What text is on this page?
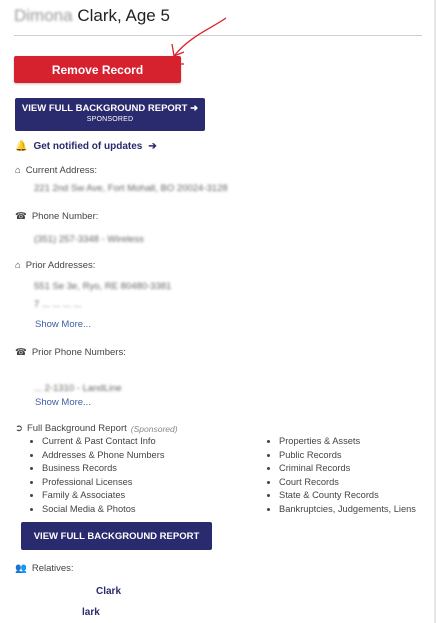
Dimona Clark, Age 5
Remove Record
VIEW FULL BACKGROUND REPORT ➜
SPONSORED
🔔 Get notified of updates ➔
⌂ Current Address:
221 2nd Sw Ave, Fort Mohall, BO 20024-3128
☎ Phone Number:
(351) 257-3348 - Wireless
⌂ Prior Addresses:
551 Se 3e, Ryo, RE 80480-3381
7 ... ... ... ...
Show More...
☎ Prior Phone Numbers:
... 2-1310 - LandLine
Show More...
➲ Full Background Report (Sponsored)
• Current & Past Contact Info
• Addresses & Phone Numbers
• Business Records
• Professional Licenses
• Family & Associates
• Social Media & Photos
• Properties & Assets
• Public Records
• Criminal Records
• Court Records
• State & County Records
• Bankruptcies, Judgements, Liens
VIEW FULL BACKGROUND REPORT
👥 Relatives:
Clark
lark
